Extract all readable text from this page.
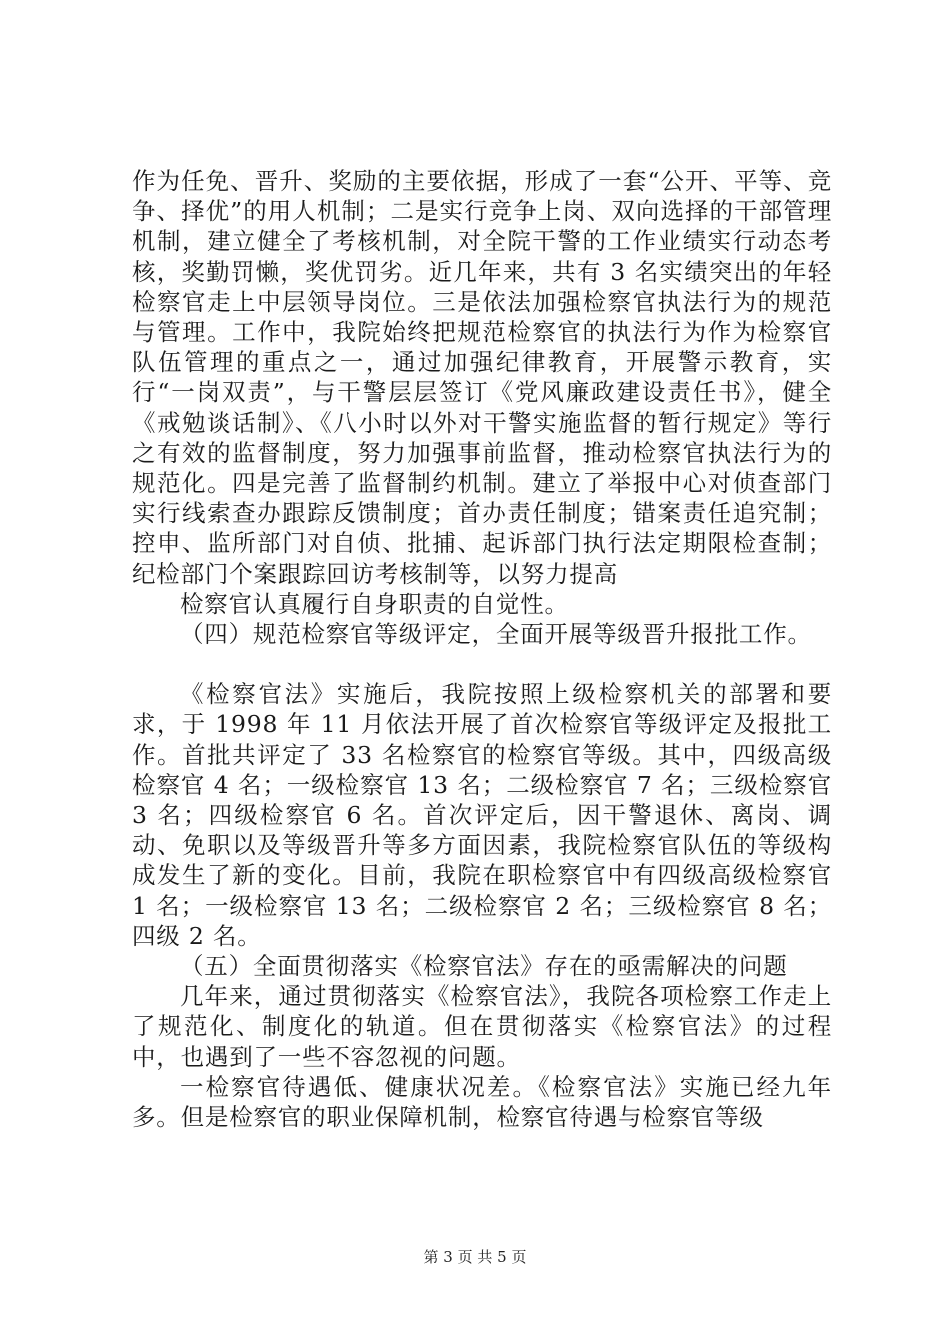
作为任免、晋升、奖励的主要依据，形成了一套“公开、平等、竞争、择优”的用人机制；二是实行竞争上岗、双向选择的干部管理机制，建立健全了考核机制，对全院干警的工作业绩实行动态考核，奖勤罚懒，奖优罚劣。近几年来，共有 3 名实绩突出的年轻检察官走上中层领导岗位。三是依法加强检察官执法行为的规范与管理。工作中，我院始终把规范检察官的执法行为作为检察官队伍管理的重点之一，通过加强纪律教育，开展警示教育，实行“一岗双责”，与干警层层签订《党风廉政建设责任书》，健全《戒勉谈话制》、《八小时以外对干警实施监督的暂行规定》等行之有效的监督制度，努力加强事前监督，推动检察官执法行为的规范化。四是完善了监督制约机制。建立了举报中心对侦查部门实行线索查办跟踪反馈制度；首办责任制度；错案责任追究制；控申、监所部门对自侦、批捕、起诉部门执行法定期限检查制；纪检部门个案跟踪回访考核制等，以努力提高

检察官认真履行自身职责的自觉性。

（四）规范检察官等级评定，全面开展等级晋升报批工作。

《检察官法》实施后，我院按照上级检察机关的部署和要求，于 1998 年 11 月依法开展了首次检察官等级评定及报批工作。首批共评定了 33 名检察官的检察官等级。其中，四级高级检察官 4 名；一级检察官 13 名；二级检察官 7 名；三级检察官 3 名；四级检察官 6 名。首次评定后，因干警退休、离岗、调动、免职以及等级晋升等多方面因素，我院检察官队伍的等级构成发生了新的变化。目前，我院在职检察官中有四级高级检察官 1 名；一级检察官 13 名；二级检察官 2 名；三级检察官 8 名；四级 2 名。

（五）全面贯彻落实《检察官法》存在的亟需解决的问题

几年来，通过贯彻落实《检察官法》，我院各项检察工作走上了规范化、制度化的轨道。但在贯彻落实《检察官法》的过程中，也遇到了一些不容忽视的问题。

一检察官待遇低、健康状况差。《检察官法》实施已经九年多。但是检察官的职业保障机制，检察官待遇与检察官等级

第 3 页 共 5 页
